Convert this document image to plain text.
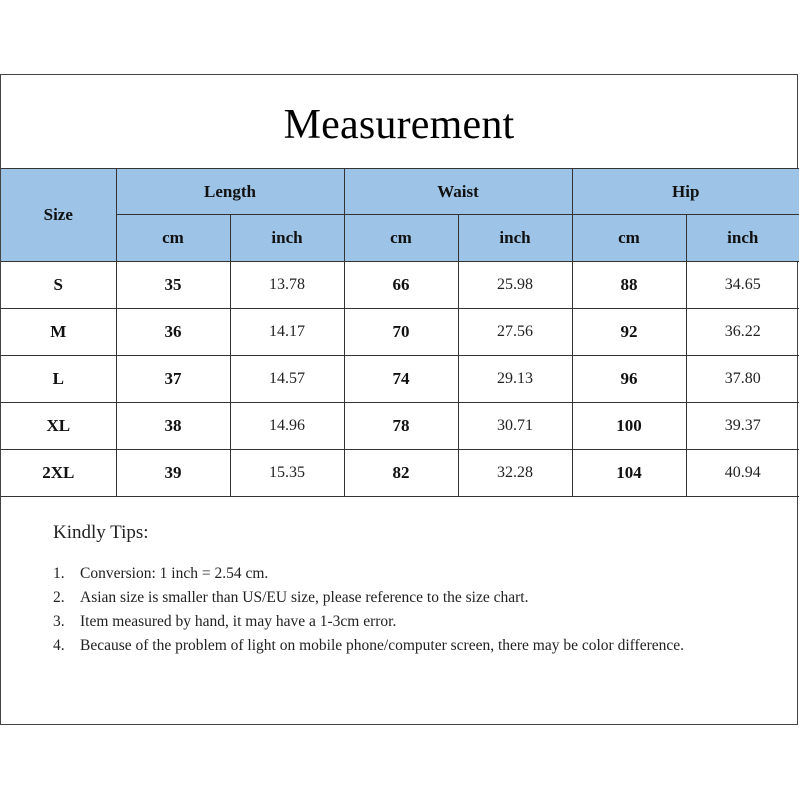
Measurement
Size	Length		Waist		Hip	
	cm	inch	cm	inch	cm	inch
S	35	13.78	66	25.98	88	34.65
M	36	14.17	70	27.56	92	36.22
L	37	14.57	74	29.13	96	37.80
XL	38	14.96	78	30.71	100	39.37
2XL	39	15.35	82	32.28	104	40.94
Kindly Tips:
1. Conversion: 1 inch = 2.54 cm.
2. Asian size is smaller than US/EU size, please reference to the size chart.
3. Item measured by hand, it may have a 1-3cm error.
4. Because of the problem of light on mobile phone/computer screen, there may be color difference.
